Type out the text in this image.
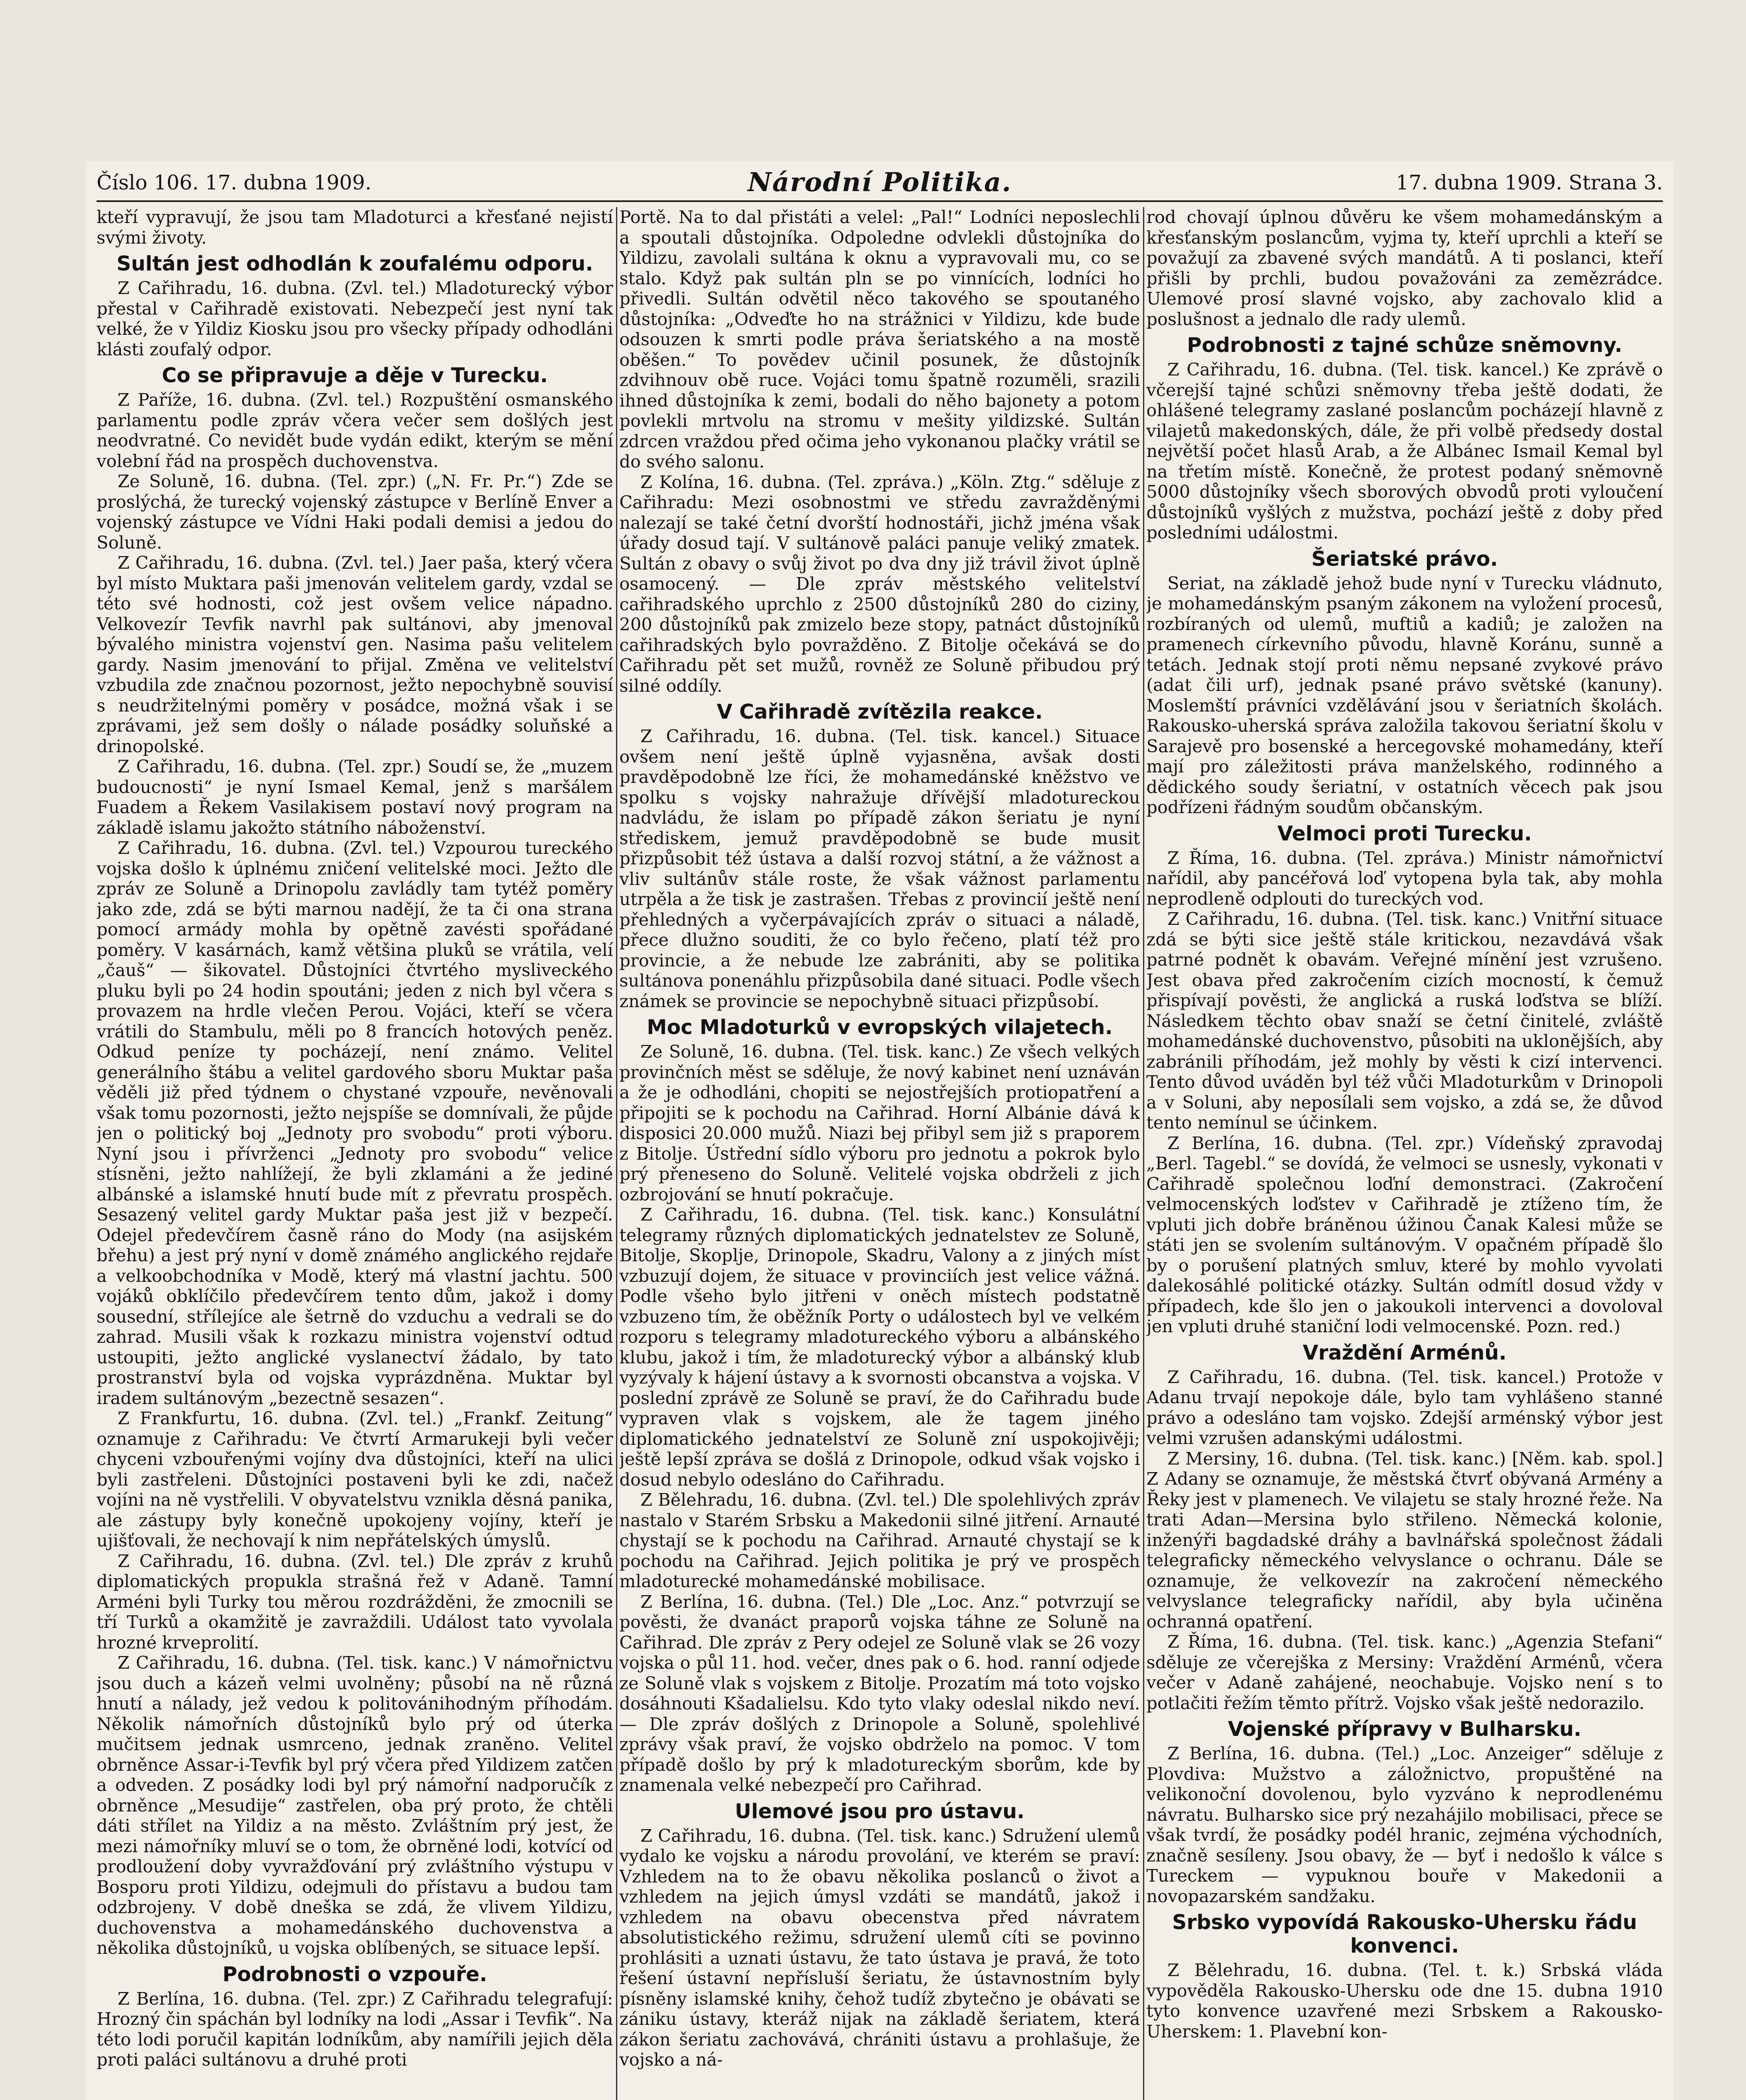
Číslo 106. 17. dubna 1909.	Národní Politika.	17. dubna 1909. Strana 3.

kteří vypravují, že jsou tam Mladoturci a křesťané nejistí svými životy.

Sultán jest odhodlán k zoufalému odporu.

Z Cařihradu, 16. dubna. (Zvl. tel.) Mladoturecký výbor přestal v Cařihradě existovati. Nebezpečí jest nyní tak velké, že v Yildiz Kiosku jsou pro všecky případy odhodláni klásti zoufalý odpor.

Co se připravuje a děje v Turecku.

Z Paříže, 16. dubna. (Zvl. tel.) Rozpuštění osmanského parlamentu podle zpráv včera večer sem došlých jest neodvratné. Co nevidět bude vydán edikt, kterým se mění volební řád na prospěch duchovenstva.

Ze Soluně, 16. dubna. (Tel. zpr.) („N. Fr. Pr.“) Zde se proslýchá, že turecký vojenský zástupce v Berlíně Enver a vojenský zástupce ve Vídni Haki podali demisi a jedou do Soluně.

Z Cařihradu, 16. dubna. (Zvl. tel.) Jaer paša, který včera byl místo Muktara paši jmenován velitelem gardy, vzdal se této své hodnosti, což jest ovšem velice nápadno. Velkovezír Tevfik navrhl pak sultánovi, aby jmenoval bývalého ministra vojenství gen. Nasima pašu velitelem gardy. Nasim jmenování to přijal. Změna ve velitelství vzbudila zde značnou pozornost, ježto nepochybně souvisí s neudržitelnými poměry v posádce, možná však i se zprávami, jež sem došly o nálade posádky soluňské a drinopolské.

Z Cařihradu, 16. dubna. (Tel. zpr.) Soudí se, že „muzem budoucnosti“ je nyní Ismael Kemal, jenž s maršálem Fuadem a Řekem Vasilakisem postaví nový program na základě islamu jakožto státního náboženství.

Z Cařihradu, 16. dubna. (Zvl. tel.) Vzpourou tureckého vojska došlo k úplnému zničení velitelské moci. Ježto dle zpráv ze Soluně a Drinopolu zavládly tam tytéž poměry jako zde, zdá se býti marnou nadějí, že ta či ona strana pomocí armády mohla by opětně zavésti spořádané poměry. V kasárnách, kamž většina pluků se vrátila, velí „čauš“ — šikovatel. Důstojníci čtvrtého mysliveckého pluku byli po 24 hodin spoutáni; jeden z nich byl včera s provazem na hrdle vlečen Perou. Vojáci, kteří se včera vrátili do Stambulu, měli po 8 francích hotových peněz. Odkud peníze ty pocházejí, není známo. Velitel generálního štábu a velitel gardového sboru Muktar paša věděli již před týdnem o chystané vzpouře, nevěnovali však tomu pozornosti, ježto nejspíše se domnívali, že půjde jen o politický boj „Jednoty pro svobodu“ proti výboru. Nyní jsou i přívrženci „Jednoty pro svobodu“ velice stísněni, ježto nahlížejí, že byli zklamáni a že jediné albánské a islamské hnutí bude mít z převratu prospěch. Sesazený velitel gardy Muktar paša jest již v bezpečí. Odejel předevčírem časně ráno do Mody (na asijském břehu) a jest prý nyní v domě známého anglického rejdaře a velkoobchodníka v Modě, který má vlastní jachtu. 500 vojáků obklíčilo předevčírem tento dům, jakož i domy sousední, střílejíce ale šetrně do vzduchu a vedrali se do zahrad. Musili však k rozkazu ministra vojenství odtud ustoupiti, ježto anglické vyslanectví žádalo, by tato prostranství byla od vojska vyprázdněna. Muktar byl iradem sultánovým „bezectně sesazen“.

Z Frankfurtu, 16. dubna. (Zvl. tel.) „Frankf. Zeitung“ oznamuje z Cařihradu: Ve čtvrtí Armarukeji byli večer chyceni vzbouřenými vojíny dva důstojníci, kteří na ulici byli zastřeleni. Důstojníci postaveni byli ke zdi, načež vojíni na ně vystřelili. V obyvatelstvu vznikla děsná panika, ale zástupy byly konečně upokojeny vojíny, kteří je ujišťovali, že nechovají k nim nepřátelských úmyslů.

Z Cařihradu, 16. dubna. (Zvl. tel.) Dle zpráv z kruhů diplomatických propukla strašná řež v Adaně. Tamní Arméni byli Turky tou měrou rozdrážděni, že zmocnili se tří Turků a okamžitě je zavraždili. Událost tato vyvolala hrozné krveprolití.

Z Cařihradu, 16. dubna. (Tel. tisk. kanc.) V námořnictvu jsou duch a kázeň velmi uvolněny; působí na ně různá hnutí a nálady, jež vedou k politovánihodným příhodám. Několik námořních důstojníků bylo prý od úterka mučitsem jednak usmrceno, jednak zraněno. Velitel obrněnce Assar-i-Tevfik byl prý včera před Yildizem zatčen a odveden. Z posádky lodi byl prý námořní nadporučík z obrněnce „Mesudije“ zastřelen, oba prý proto, že chtěli dáti střílet na Yildiz a na město. Zvláštním prý jest, že mezi námořníky mluví se o tom, že obrněné lodi, kotvící od prodloužení doby vyvražďování prý zvláštního výstupu v Bosporu proti Yildizu, odejmuli do přístavu a budou tam odzbrojeny. V době dneška se zdá, že vlivem Yildizu, duchovenstva a mohamedánského duchovenstva a několika důstojníků, u vojska oblíbených, se situace lepší.

Podrobnosti o vzpouře.

Z Berlína, 16. dubna. (Tel. zpr.) Z Cařihradu telegrafují: Hrozný čin spáchán byl lodníky na lodi „Assar i Tevfik“. Na této lodi poručil kapitán lodníkům, aby namířili jejich děla proti paláci sultánovu a druhé proti

Portě. Na to dal přistáti a velel: „Pal!“ Lodníci neposlechli a spoutali důstojníka. Odpoledne odvlekli důstojníka do Yildizu, zavolali sultána k oknu a vypravovali mu, co se stalo. Když pak sultán pln se po vinnících, lodníci ho přivedli. Sultán odvětil něco takového se spoutaného důstojníka: „Odveďte ho na strážnici v Yildizu, kde bude odsouzen k smrti podle práva šeriatského a na mostě oběšen.“ To povědev učinil posunek, že důstojník zdvihnouv obě ruce. Vojáci tomu špatně rozuměli, srazili ihned důstojníka k zemi, bodali do něho bajonety a potom povlekli mrtvolu na stromu v mešity yildizské. Sultán zdrcen vraždou před očima jeho vykonanou plačky vrátil se do svého salonu.

Z Kolína, 16. dubna. (Tel. zpráva.) „Köln. Ztg.“ sděluje z Cařihradu: Mezi osobnostmi ve středu zavražděnými nalezají se také četní dvorští hodnostáři, jichž jména však úřady dosud tají. V sultánově paláci panuje veliký zmatek. Sultán z obavy o svůj život po dva dny již trávil život úplně osamocený. — Dle zpráv městského velitelství cařihradského uprchlo z 2500 důstojníků 280 do ciziny, 200 důstojníků pak zmizelo beze stopy, patnáct důstojníků cařihradských bylo povražděno. Z Bitolje očekává se do Cařihradu pět set mužů, rovněž ze Soluně přibudou prý silné oddíly.

V Cařihradě zvítězila reakce.

Z Cařihradu, 16. dubna. (Tel. tisk. kancel.) Situace ovšem není ještě úplně vyjasněna, avšak dosti pravděpodobně lze říci, že mohamedánské kněžstvo ve spolku s vojsky nahražuje dřívější mladotureckou nadvládu, že islam po případě zákon šeriatu je nyní střediskem, jemuž pravděpodobně se bude musit přizpůsobit též ústava a další rozvoj státní, a že vážnost a vliv sultánův stále roste, že však vážnost parlamentu utrpěla a že tisk je zastrašen. Třebas z provincií ještě není přehledných a vyčerpávajících zpráv o situaci a náladě, přece dlužno souditi, že co bylo řečeno, platí též pro provincie, a že nebude lze zabrániti, aby se politika sultánova ponenáhlu přizpůsobila dané situaci. Podle všech známek se provincie se nepochybně situaci přizpůsobí.

Moc Mladoturků v evropských vilajetech.

Ze Soluně, 16. dubna. (Tel. tisk. kanc.) Ze všech velkých provinčních měst se sděluje, že nový kabinet není uznáván a že je odhodláni, chopiti se nejostřejších protiopatření a připojiti se k pochodu na Cařihrad. Horní Albánie dává k disposici 20.000 mužů. Niazi bej přibyl sem již s praporem z Bitolje. Ústřední sídlo výboru pro jednotu a pokrok bylo prý přeneseno do Soluně. Velitelé vojska obdrželi z jich ozbrojování se hnutí pokračuje.

Z Cařihradu, 16. dubna. (Tel. tisk. kanc.) Konsulátní telegramy různých diplomatických jednatelstev ze Soluně, Bitolje, Skoplje, Drinopole, Skadru, Valony a z jiných míst vzbuzují dojem, že situace v provinciích jest velice vážná. Podle všeho bylo jitřeni v oněch místech podstatně vzbuzeno tím, že oběžník Porty o událostech byl ve velkém rozporu s telegramy mladotureckého výboru a albánského klubu, jakož i tím, že mladoturecký výbor a albánský klub vyzývaly k hájení ústavy a k svornosti obcanstva a vojska. V poslední zprávě ze Soluně se praví, že do Cařihradu bude vypraven vlak s vojskem, ale že tagem jiného diplomatického jednatelství ze Soluně zní uspokojivěji; ještě lepší zpráva se došlá z Drinopole, odkud však vojsko i dosud nebylo odesláno do Cařihradu.

Z Bělehradu, 16. dubna. (Zvl. tel.) Dle spolehlivých zpráv nastalo v Starém Srbsku a Makedonii silné jitření. Arnauté chystají se k pochodu na Cařihrad. Arnauté chystají se k pochodu na Cařihrad. Jejich politika je prý ve prospěch mladoturecké mohamedánské mobilisace.

Z Berlína, 16. dubna. (Tel.) Dle „Loc. Anz.“ potvrzují se pověsti, že dvanáct praporů vojska táhne ze Soluně na Cařihrad. Dle zpráv z Pery odejel ze Soluně vlak se 26 vozy vojska o půl 11. hod. večer, dnes pak o 6. hod. ranní odjede ze Soluně vlak s vojskem z Bitolje. Prozatím má toto vojsko dosáhnouti Kšadalielsu. Kdo tyto vlaky odeslal nikdo neví. — Dle zpráv došlých z Drinopole a Soluně, spolehlivé zprávy však praví, že vojsko obdrželo na pomoc. V tom případě došlo by prý k mladotureckým sborům, kde by znamenala velké nebezpečí pro Cařihrad.

Ulemové jsou pro ústavu.

Z Cařihradu, 16. dubna. (Tel. tisk. kanc.) Sdružení ulemů vydalo ke vojsku a národu provolání, ve kterém se praví: Vzhledem na to že obavu několika poslanců o život a vzhledem na jejich úmysl vzdáti se mandátů, jakož i vzhledem na obavu obecenstva před návratem absolutistického režimu, sdružení ulemů cíti se povinno prohlásiti a uznati ústavu, že tato ústava je pravá, že toto řešení ústavní nepřísluší šeriatu, že ústavnostním byly písněny islamské knihy, čehož tudíž zbytečno je obávati se zániku ústavy, kteráž nijak na základě šeriatem, která zákon šeriatu zachovává, chrániti ústavu a prohlašuje, že vojsko a ná-

rod chovají úplnou důvěru ke všem mohamedánským a křesťanským poslancům, vyjma ty, kteří uprchli a kteří se považují za zbavené svých mandátů. A ti poslanci, kteří přišli by prchli, budou považováni za zemězrádce. Ulemové prosí slavné vojsko, aby zachovalo klid a poslušnost a jednalo dle rady ulemů.

Podrobnosti z tajné schůze sněmovny.

Z Cařihradu, 16. dubna. (Tel. tisk. kancel.) Ke zprávě o včerejší tajné schůzi sněmovny třeba ještě dodati, že ohlášené telegramy zaslané poslancům pocházejí hlavně z vilajetů makedonských, dále, že při volbě předsedy dostal největší počet hlasů Arab, a že Albánec Ismail Kemal byl na třetím místě. Konečně, že protest podaný sněmovně 5000 důstojníky všech sborových obvodů proti vyloučení důstojníků vyšlých z mužstva, pochází ještě z doby před posledními událostmi.

Šeriatské právo.

Seriat, na základě jehož bude nyní v Turecku vládnuto, je mohamedánským psaným zákonem na vyložení procesů, rozbíraných od ulemů, muftiů a kadiů; je založen na pramenech církevního původu, hlavně Koránu, sunně a tetách. Jednak stojí proti němu nepsané zvykové právo (adat čili urf), jednak psané právo světské (kanuny). Moslemští právníci vzdělávání jsou v šeriatních školách. Rakousko-uherská správa založila takovou šeriatní školu v Sarajevě pro bosenské a hercegovské mohamedány, kteří mají pro záležitosti práva manželského, rodinného a dědického soudy šeriatní, v ostatních věcech pak jsou podřízeni řádným soudům občanským.

Velmoci proti Turecku.

Z Říma, 16. dubna. (Tel. zpráva.) Ministr námořnictví nařídil, aby pancéřová loď vytopena byla tak, aby mohla neprodleně odplouti do tureckých vod.

Z Cařihradu, 16. dubna. (Tel. tisk. kanc.) Vnitřní situace zdá se býti sice ještě stále kritickou, nezavdává však patrné podnět k obavám. Veřejné mínění jest vzrušeno. Jest obava před zakročením cizích mocností, k čemuž přispívají pověsti, že anglická a ruská loďstva se blíží. Následkem těchto obav snaží se četní činitelé, zvláště mohamedánské duchovenstvo, působiti na uklonějších, aby zabránili příhodám, jež mohly by věsti k cizí intervenci. Tento důvod uváděn byl též vůči Mladoturkům v Drinopoli a v Soluni, aby neposílali sem vojsko, a zdá se, že důvod tento nemínul se účinkem.

Z Berlína, 16. dubna. (Tel. zpr.) Vídeňský zpravodaj „Berl. Tagebl.“ se dovídá, že velmoci se usnesly, vykonati v Cařihradě společnou loďní demonstraci. (Zakročení velmocenských loďstev v Cařihradě je ztíženo tím, že vpluti jich dobře bráněnou úžinou Čanak Kalesi může se státi jen se svolením sultánovým. V opačném případě šlo by o porušení platných smluv, které by mohlo vyvolati dalekosáhlé politické otázky. Sultán odmítl dosud vždy v případech, kde šlo jen o jakoukoli intervenci a dovoloval jen vpluti druhé staniční lodi velmocenské. Pozn. red.)

Vraždění Arménů.

Z Cařihradu, 16. dubna. (Tel. tisk. kancel.) Protože v Adanu trvají nepokoje dále, bylo tam vyhlášeno stanné právo a odesláno tam vojsko. Zdejší arménský výbor jest velmi vzrušen adanskými událostmi.

Z Mersiny, 16. dubna. (Tel. tisk. kanc.) [Něm. kab. spol.] Z Adany se oznamuje, že městská čtvrť obývaná Armény a Řeky jest v plamenech. Ve vilajetu se staly hrozné řeže. Na trati Adan—Mersina bylo střileno. Německá kolonie, inženýři bagdadské dráhy a bavlnářská společnost žádali telegraficky německého velvyslance o ochranu. Dále se oznamuje, že velkovezír na zakročení německého velvyslance telegraficky nařídil, aby byla učiněna ochranná opatření.

Z Říma, 16. dubna. (Tel. tisk. kanc.) „Agenzia Stefani“ sděluje ze včerejška z Mersiny: Vraždění Arménů, včera večer v Adaně zahájené, neochabuje. Vojsko není s to potlačiti řežím těmto přítrž. Vojsko však ještě nedorazilo.

Vojenské přípravy v Bulharsku.

Z Berlína, 16. dubna. (Tel.) „Loc. Anzeiger“ sděluje z Plovdiva: Mužstvo a záložnictvo, propuštěné na velikonoční dovolenou, bylo vyzváno k neprodlenému návratu. Bulharsko sice prý nezahájilo mobilisaci, přece se však tvrdí, že posádky podél hranic, zejména východních, značně sesíleny. Jsou obavy, že — byť i nedošlo k válce s Tureckem — vypuknou bouře v Makedonii a novopazarském sandžaku.

Srbsko vypovídá Rakousko-Uhersku řádu konvenci.

Z Bělehradu, 16. dubna. (Tel. t. k.) Srbská vláda vypověděla Rakousko-Uhersku ode dne 15. dubna 1910 tyto konvence uzavřené mezi Srbskem a Rakousko-Uherskem: 1. Plavební kon-
